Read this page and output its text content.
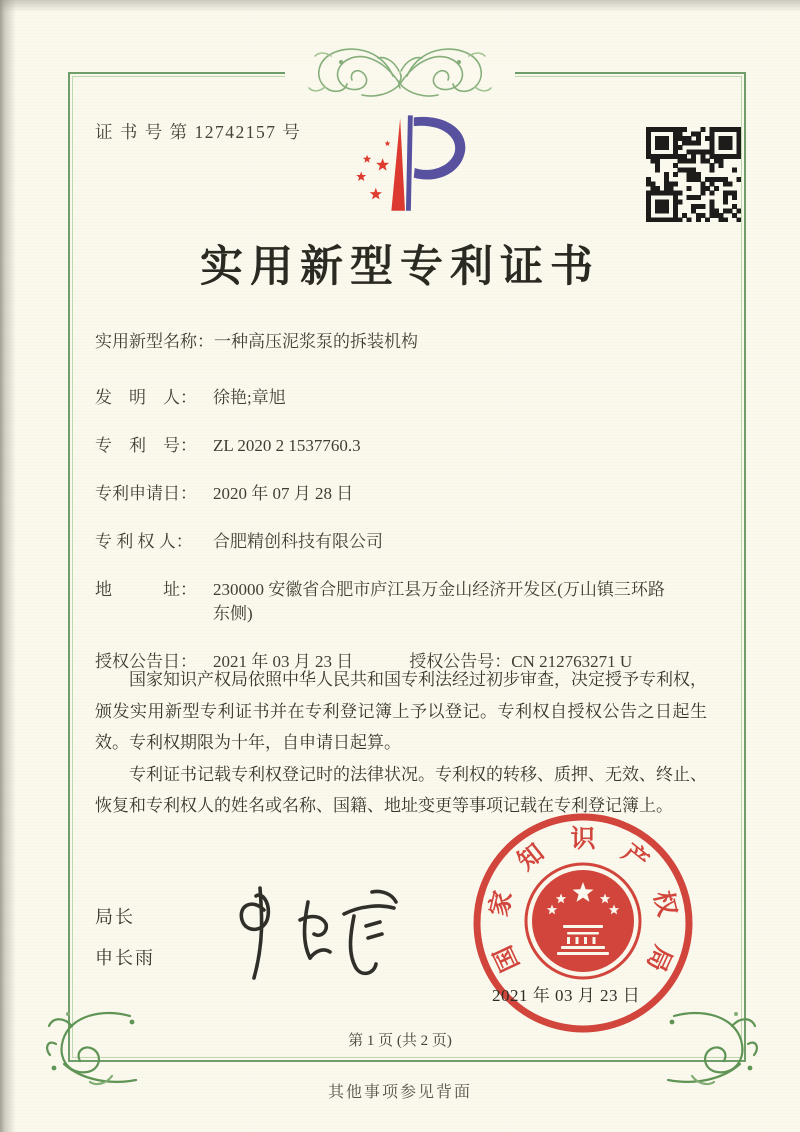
证 书 号 第 12742157 号
实用新型专利证书
实用新型名称： 一种高压泥浆泵的拆装机构
发　明　人： 徐艳;章旭
专　利　号： ZL 2020 2 1537760.3
专利申请日： 2020 年 07 月 28 日
专 利 权 人：	合肥精创科技有限公司
地　　　址： 230000 安徽省合肥市庐江县万金山经济开发区(万山镇三环路东侧)
授权公告日： 2021 年 03 月 23 日	授权公告号： CN 212763271 U

国家知识产权局依照中华人民共和国专利法经过初步审查，决定授予专利权，颁发实用新型专利证书并在专利登记簿上予以登记。专利权自授权公告之日起生效。专利权期限为十年，自申请日起算。

专利证书记载专利权登记时的法律状况。专利权的转移、质押、无效、终止、恢复和专利权人的姓名或名称、国籍、地址变更等事项记载在专利登记簿上。

局长
申长雨	国
家
知 识 产
权
局
2021 年 03 月 23 日
第 1 页 (共 2 页)
其他事项参见背面
